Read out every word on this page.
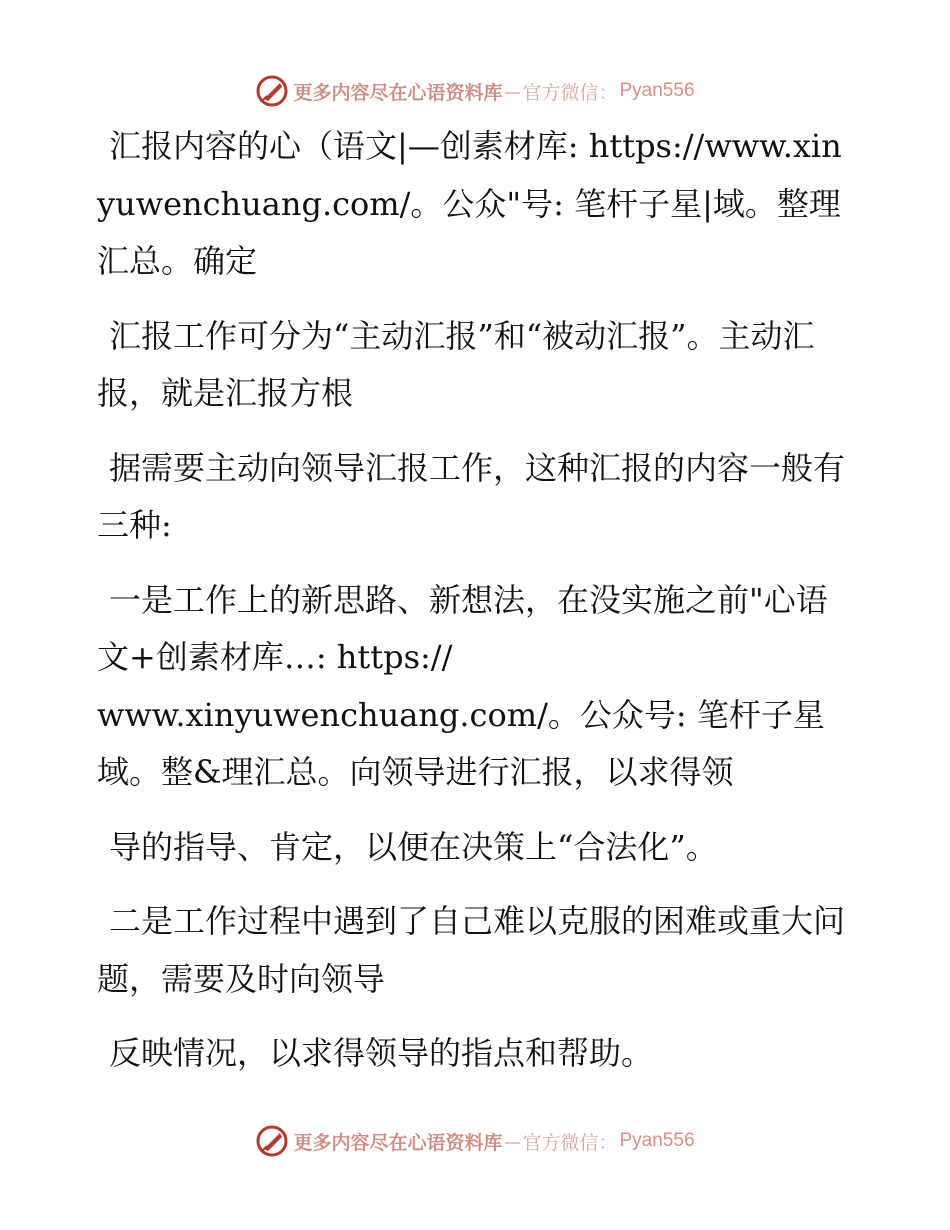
更多内容尽在心语资料库 — 官方微信： Pyan556

汇报内容的心（语文|—创素材库: https://www.xinyuwenchuang.com/。公众"号: 笔杆子星|域。整理汇总。确定

汇报工作可分为“主动汇报”和“被动汇报”。主动汇报，就是汇报方根

据需要主动向领导汇报工作，这种汇报的内容一般有三种:

一是工作上的新思路、新想法，在没实施之前"心语文+创素材库…: https://
www.xinyuwenchuang.com/。公众号: 笔杆子星域。整&理汇总。向领导进行汇报，以求得领

导的指导、肯定，以便在决策上“合法化”。

二是工作过程中遇到了自己难以克服的困难或重大问题，需要及时向领导

反映情况，以求得领导的指点和帮助。

更多内容尽在心语资料库 — 官方微信： Pyan556
